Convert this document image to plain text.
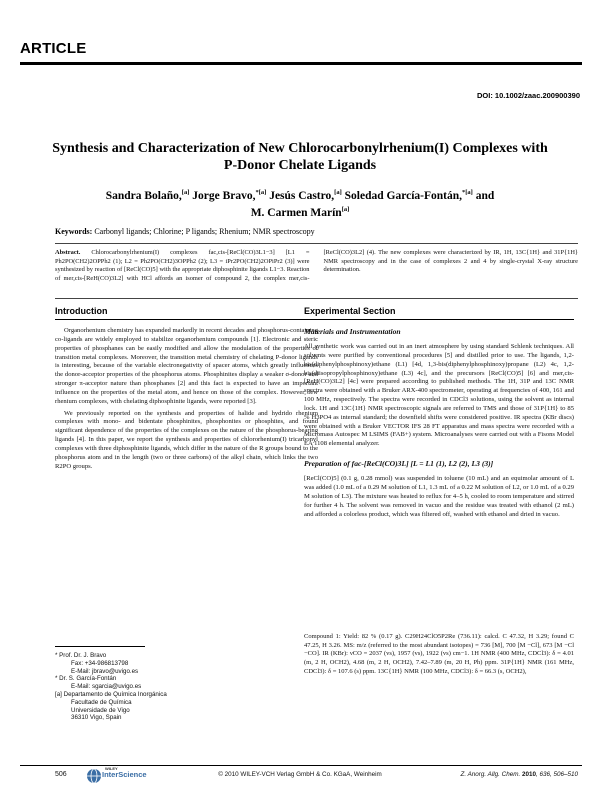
ARTICLE
DOI: 10.1002/zaac.200900390
Synthesis and Characterization of New Chlorocarbonylrhenium(I) Complexes with P-Donor Chelate Ligands
Sandra Bolaño,[a] Jorge Bravo,$^{*[a]}$ Jesús Castro,[a] Soledad García-Fontán,$^{*[a]}$ and
M. Carmen Marín[a]
Keywords: Carbonyl ligands; Chlorine; P ligands; Rhenium; NMR spectroscopy
Abstract. Chlorocarbonylrhenium(I) complexes fac,cis-[ReCl(CO)3L1−3] [L1 = Ph2PO(CH2)2OPPh2 (1); L2 = Ph2PO(CH2)3OPPh2 (2); L3 = iPr2PO(CH2)2OPiPr2 (3)] were synthesized by reaction of [ReCl(CO)5] with the appropriate diphosphinite ligands L1−3. Reaction of mer,cis-[ReH(CO)3L2] with HCl affords an isomer of compound 2, the complex mer,cis-[ReCl(CO)3L2] (4). The new complexes were characterized by IR, 1H, 13C{1H} and 31P{1H} NMR spectroscopy and in the case of complexes 2 and 4 by single-crystal X-ray structure determination.
Introduction

Organorhenium chemistry has expanded markedly in recent decades and phosphorus-containing co-ligands are widely employed to stabilize organorhenium compounds [1]. Electronic and steric properties of phosphanes can be easily modified and allow the modulation of the properties of transition metal complexes. Moreover, the transition metal chemistry of chelating P-donor ligands is interesting, because of the variable electronegativity of spacer atoms, which greatly influences the donor-acceptor properties of the phosphorus atoms. Phosphinites display a weaker σ-donor and stronger π-acceptor nature than phosphanes [2] and this fact is expected to have an important influence on the properties of the metal atom, and hence on those of the complex. However, few rhenium complexes, with chelating diphosphinite ligands, were reported [3].

We previously reported on the synthesis and properties of halide and hydrido rhenium complexes with mono- and bidentate phosphinites, phosphonites or phosphites, and found significant dependence of the properties of the complexes on the nature of the phosphorus-bearing ligands [4]. In this paper, we report the synthesis and properties of chlororhenium(I) tricarbonyl complexes with three diphosphinite ligands, which differ in the nature of the R groups bound to the phosphorus atom and in the length (two or three carbons) of the alkyl chain, which links the two R2PO groups.

* Prof. Dr. J. Bravo
Fax: +34-986813798
E-Mail: jbravo@uvigo.es
* Dr. S. García-Fontán
E-Mail: sgarcia@uvigo.es
[a] Departamento de Química Inorgánica
Facultade de Química
Universidade de Vigo
36310 Vigo, Spain
Experimental Section
Materials and Instrumentation

All synthetic work was carried out in an inert atmosphere by using standard Schlenk techniques. All solvents were purified by conventional procedures [5] and distilled prior to use. The ligands, 1,2-bis(diphenylphosphinoxy)ethane (L1) [4d, 1,3-bis(diphenylphosphinoxy)propane (L2) 4c, 1,2-bis(diisopropylphosphinoxy)ethane (L3) 4c], and the precursors [ReCl(CO)5] [6] and mer,cis-[ReH(CO)3L2] [4c] were prepared according to published methods. The 1H, 31P and 13C NMR spectra were obtained with a Bruker ARX-400 spectrometer, operating at frequencies of 400, 161 and 100 MHz, respectively. The spectra were recorded in CDCl3 solutions, using the solvent as internal lock. 1H and 13C{1H} NMR spectroscopic signals are referred to TMS and those of 31P{1H} to 85 % H3PO4 as internal standard; the downfield shifts were considered positive. IR spectra (KBr discs) were obtained with a Bruker VECTOR IFS 28 FT apparatus and mass spectra were recorded with a Micromass Autospec M LSIMS (FAB+) system. Microanalyses were carried out with a Fisons Model EA 1108 elemental analyzer.

Preparation of fac-[ReCl(CO)3L] [L = L1 (1), L2 (2), L3 (3)]

[ReCl(CO)5] (0.1 g, 0.28 mmol) was suspended in toluene (10 mL) and an equimolar amount of L was added (1.0 mL of a 0.29 M solution of L1, 1.3 mL of a 0.22 M solution of L2, or 1.0 mL of a 0.29 M solution of L3). The mixture was heated to reflux for 4–5 h, cooled to room temperature and stirred for further 4 h. The solvent was removed in vacuo and the residue was treated with ethanol (2 mL) and afforded a colorless product, which was filtered off, washed with ethanol and dried in vacuo.

Compound 1: Yield: 82 % (0.17 g). C29H24ClO5P2Re (736.11): calcd. C 47.32, H 3.29; found C 47.25, H 3.26. MS: m/z (referred to the most abundant isotopes) = 736 [M], 700 [M −Cl], 673 [M −Cl −CO]. IR (KBr): νCO = 2037 (vs), 1957 (vs), 1922 (vs) cm−1. 1H NMR (400 MHz, CDCl3): δ = 4.01 (m, 2 H, OCH2), 4.68 (m, 2 H, OCH2), 7.42–7.89 (m, 20 H, Ph) ppm. 31P{1H} NMR (161 MHz, CDCl3): δ = 107.6 (s) ppm. 13C{1H} NMR (100 MHz, CDCl3): δ = 66.3 (s, OCH2),
506
WILEY
InterScience	© 2010 WILEY-VCH Verlag GmbH & Co. KGaA, Weinheim	Z. Anorg. Allg. Chem. 2010, 636, 506–510
